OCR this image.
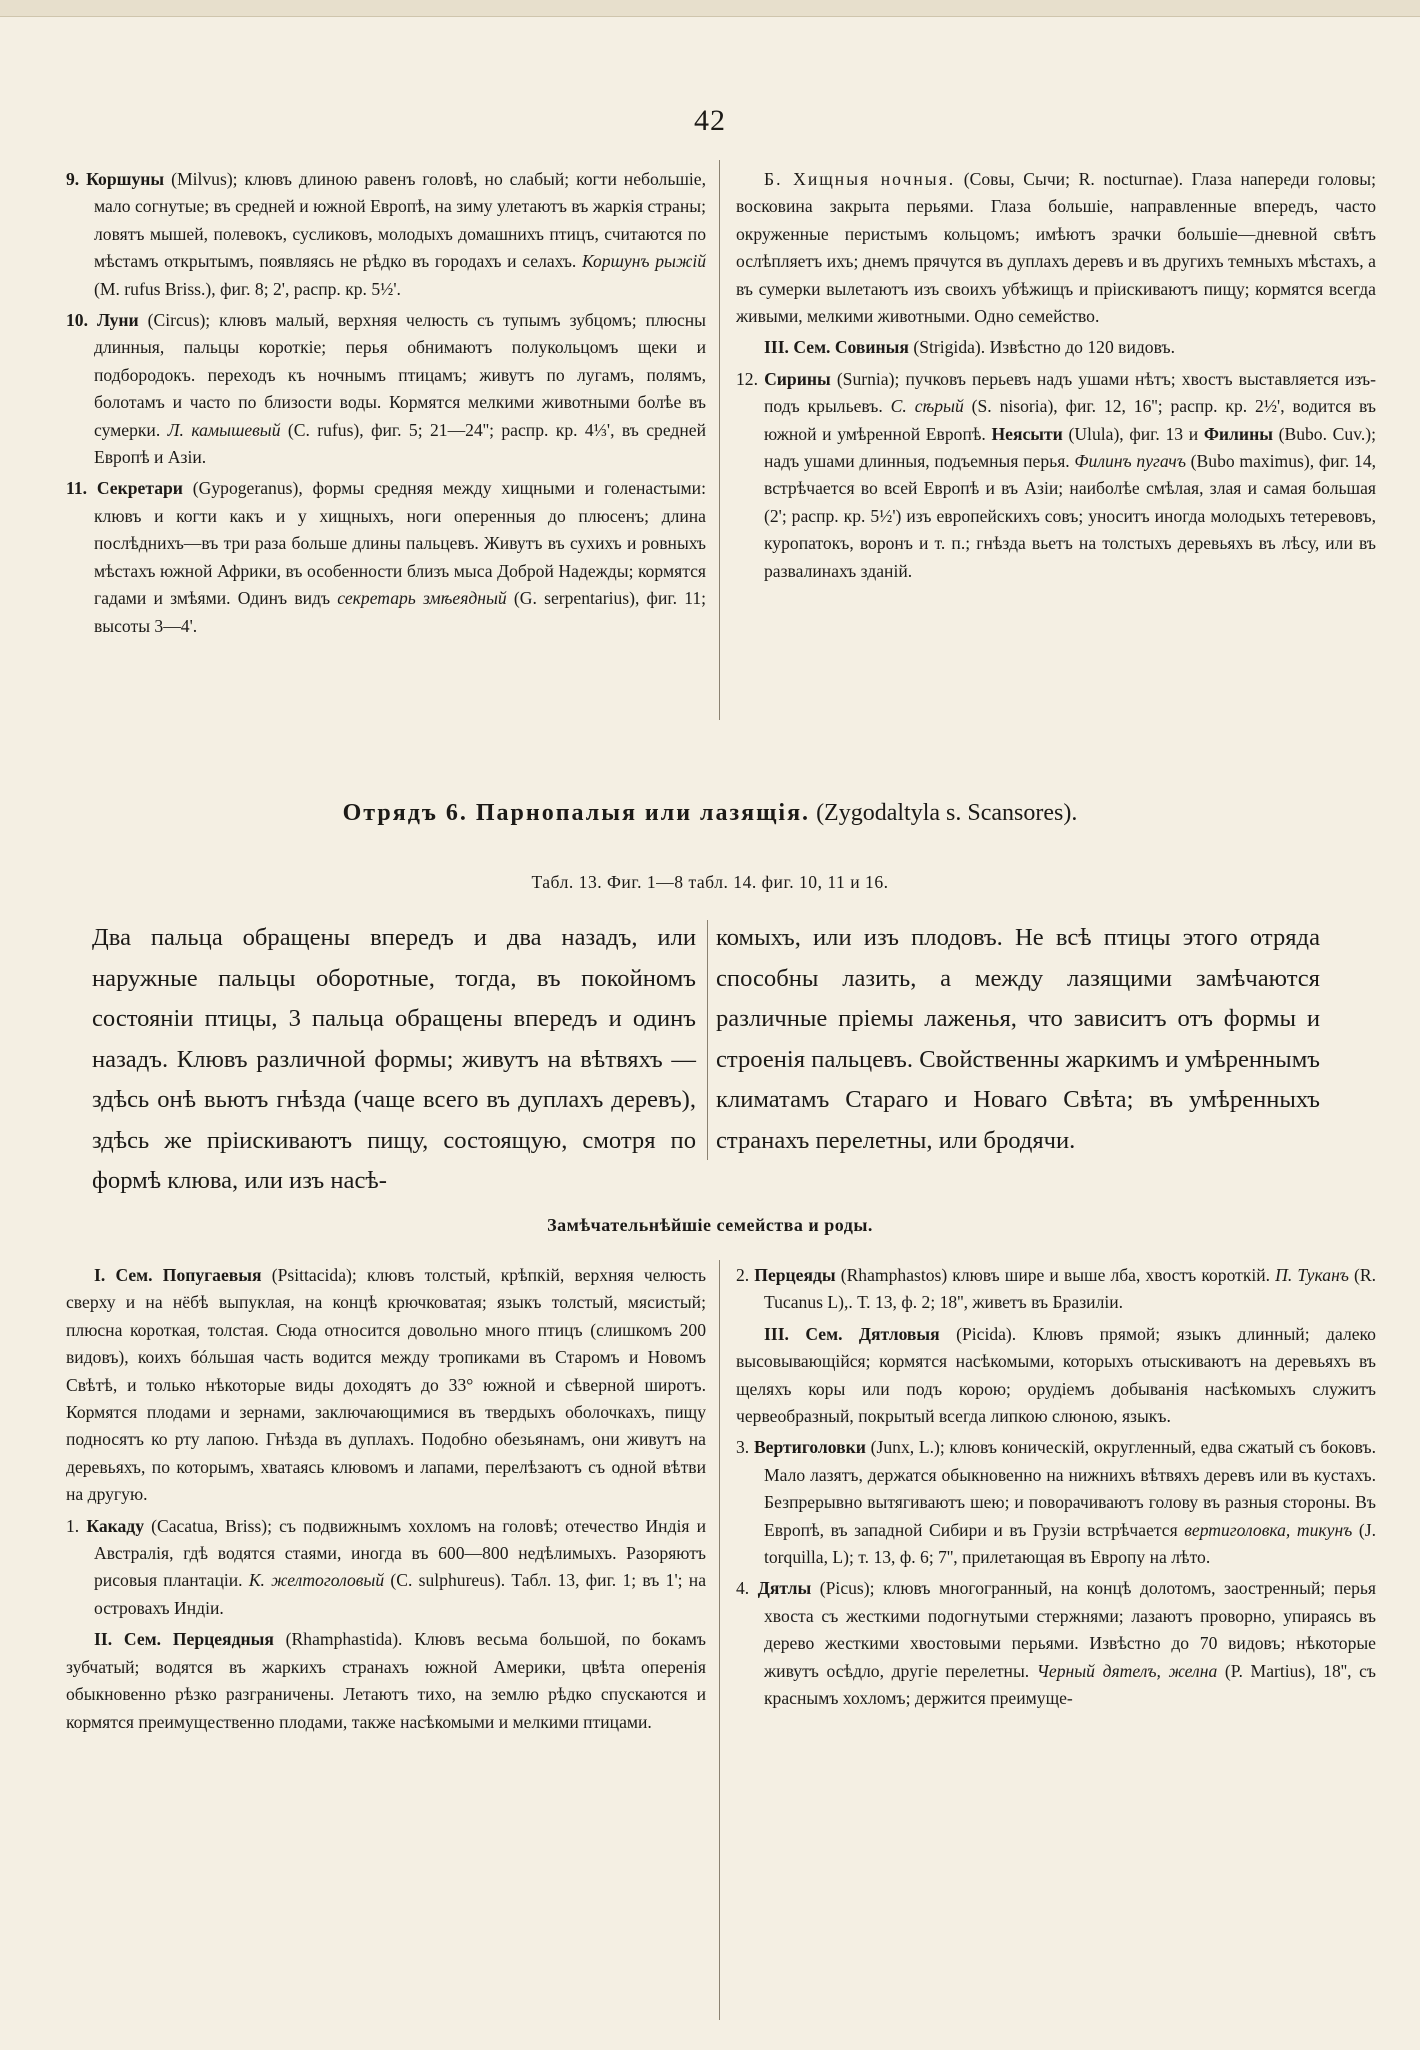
42

9. Коршуны (Milvus); клювъ длиною равенъ головѣ, но слабый; когти небольшіе, мало согнутые; въ средней и южной Европѣ, на зиму улетаютъ въ жаркія страны; ловятъ мышей, полевокъ, сусликовъ, молодыхъ домашнихъ птицъ, считаются по мѣстамъ открытымъ, появляясь не рѣдко въ городахъ и селахъ. Коршунъ рыжій (M. rufus Briss.), фиг. 8; 2', распр. кр. 5½'.

10. Луни (Circus); клювъ малый, верхняя челюсть съ тупымъ зубцомъ; плюсны длинныя, пальцы короткіе; перья обнимаютъ полукольцомъ щеки и подбородокъ. переходъ къ ночнымъ птицамъ; живутъ по лугамъ, полямъ, болотамъ и часто по близости воды. Кормятся мелкими животными болѣе въ сумерки. Л. камышевый (C. rufus), фиг. 5; 21—24''; распр. кр. 4⅓', въ средней Европѣ и Азіи.

11. Секретари (Gypogeranus), формы средняя между хищными и голенастыми: клювъ и когти какъ и у хищныхъ, ноги оперенныя до плюсенъ; длина послѣднихъ—въ три раза больше длины пальцевъ. Живутъ въ сухихъ и ровныхъ мѣстахъ южной Африки, въ особенности близъ мыса Доброй Надежды; кормятся гадами и змѣями. Одинъ видъ секретарь змѣеядный (G. serpentarius), фиг. 11; высоты 3—4'.

Б. Хищныя ночныя. (Совы, Сычи; R. nocturnae). Глаза напереди головы; восковина закрыта перьями. Глаза большіе, направленные впередъ, часто окруженные перистымъ кольцомъ; имѣютъ зрачки большіе—дневной свѣтъ ослѣпляетъ ихъ; днемъ прячутся въ дуплахъ деревъ и въ другихъ темныхъ мѣстахъ, а въ сумерки вылетаютъ изъ своихъ убѣжищъ и пріискиваютъ пищу; кормятся всегда живыми, мелкими животными. Одно семейство.

III. Сем. Совиныя (Strigida). Извѣстно до 120 видовъ.

12. Сирины (Surnia); пучковъ перьевъ надъ ушами нѣтъ; хвостъ выставляется изъ-подъ крыльевъ. С. сѣрый (S. nisoria), фиг. 12, 16''; распр. кр. 2½', водится въ южной и умѣренной Европѣ. Неясыти (Ulula), фиг. 13 и Филины (Bubo. Cuv.); надъ ушами длинныя, подъемныя перья. Филинъ пугачъ (Bubo maximus), фиг. 14, встрѣчается во всей Европѣ и въ Азіи; наиболѣе смѣлая, злая и самая большая (2'; распр. кр. 5½') изъ европейскихъ совъ; уноситъ иногда молодыхъ тетеревовъ, куропатокъ, воронъ и т. п.; гнѣзда вьетъ на толстыхъ деревьяхъ въ лѣсу, или въ развалинахъ зданій.

Отрядъ 6. Парнопалыя или лазящія. (Zygodaltyla s. Scansores).
Табл. 13. Фиг. 1—8 табл. 14. фиг. 10, 11 и 16.

Два пальца обращены впередъ и два назадъ, или наружные пальцы оборотные, тогда, въ покойномъ состояніи птицы, 3 пальца обращены впередъ и одинъ назадъ. Клювъ различной формы; живутъ на вѣтвяхъ — здѣсь онѣ вьютъ гнѣзда (чаще всего въ дуплахъ деревъ), здѣсь же пріискиваютъ пищу, состоящую, смотря по формѣ клюва, или изъ насѣ-

комыхъ, или изъ плодовъ. Не всѣ птицы этого отряда способны лазить, а между лазящими замѣчаются различные пріемы лаженья, что зависитъ отъ формы и строенія пальцевъ. Свойственны жаркимъ и умѣреннымъ климатамъ Стараго и Новаго Свѣта; въ умѣренныхъ странахъ перелетны, или бродячи.

Замѣчательнѣйшіе семейства и роды.

I. Сем. Попугаевыя (Psittacida); клювъ толстый, крѣпкій, верхняя челюсть сверху и на нёбѣ выпуклая, на концѣ крючковатая; языкъ толстый, мясистый; плюсна короткая, толстая. Сюда относится довольно много птицъ (слишкомъ 200 видовъ), коихъ бóльшая часть водится между тропиками въ Старомъ и Новомъ Свѣтѣ, и только нѣкоторые виды доходятъ до 33° южной и сѣверной широтъ. Кормятся плодами и зернами, заключающимися въ твердыхъ оболочкахъ, пищу подносятъ ко рту лапою. Гнѣзда въ дуплахъ. Подобно обезьянамъ, они живутъ на деревьяхъ, по которымъ, хватаясь клювомъ и лапами, перелѣзаютъ съ одной вѣтви на другую.

1. Какаду (Cacatua, Briss); съ подвижнымъ хохломъ на головѣ; отечество Индія и Австралія, гдѣ водятся стаями, иногда въ 600—800 недѣлимыхъ. Разоряютъ рисовыя плантаціи. К. желтоголовый (C. sulphureus). Табл. 13, фиг. 1; въ 1'; на островахъ Индіи.

II. Сем. Перцеядныя (Rhamphastida). Клювъ весьма большой, по бокамъ зубчатый; водятся въ жаркихъ странахъ южной Америки, цвѣта оперенія обыкновенно рѣзко разграничены. Летаютъ тихо, на землю рѣдко спускаются и кормятся преимущественно плодами, также насѣкомыми и мелкими птицами.

2. Перцеяды (Rhamphastos) клювъ шире и выше лба, хвостъ короткій. П. Туканъ (R. Tucanus L),. Т. 13, ф. 2; 18'', живетъ въ Бразиліи.

III. Сем. Дятловыя (Picida). Клювъ прямой; языкъ длинный; далеко высовывающійся; кормятся насѣкомыми, которыхъ отыскиваютъ на деревьяхъ въ щеляхъ коры или подъ корою; орудіемъ добыванія насѣкомыхъ служитъ червеобразный, покрытый всегда липкою слюною, языкъ.

3. Вертиголовки (Junx, L.); клювъ коническій, округленный, едва сжатый съ боковъ. Мало лазятъ, держатся обыкновенно на нижнихъ вѣтвяхъ деревъ или въ кустахъ. Безпрерывно вытягиваютъ шею; и поворачиваютъ голову въ разныя стороны. Въ Европѣ, въ западной Сибири и въ Грузіи встрѣчается вертиголовка, тикунъ (J. torquilla, L); т. 13, ф. 6; 7'', прилетающая въ Европу на лѣто.

4. Дятлы (Picus); клювъ многогранный, на концѣ долотомъ, заостренный; перья хвоста съ жесткими подогнутыми стержнями; лазаютъ проворно, упираясь въ дерево жесткими хвостовыми перьями. Извѣстно до 70 видовъ; нѣкоторые живутъ осѣдло, другіе перелетны. Черный дятелъ, желна (P. Martius), 18'', съ краснымъ хохломъ; держится преимуще-
